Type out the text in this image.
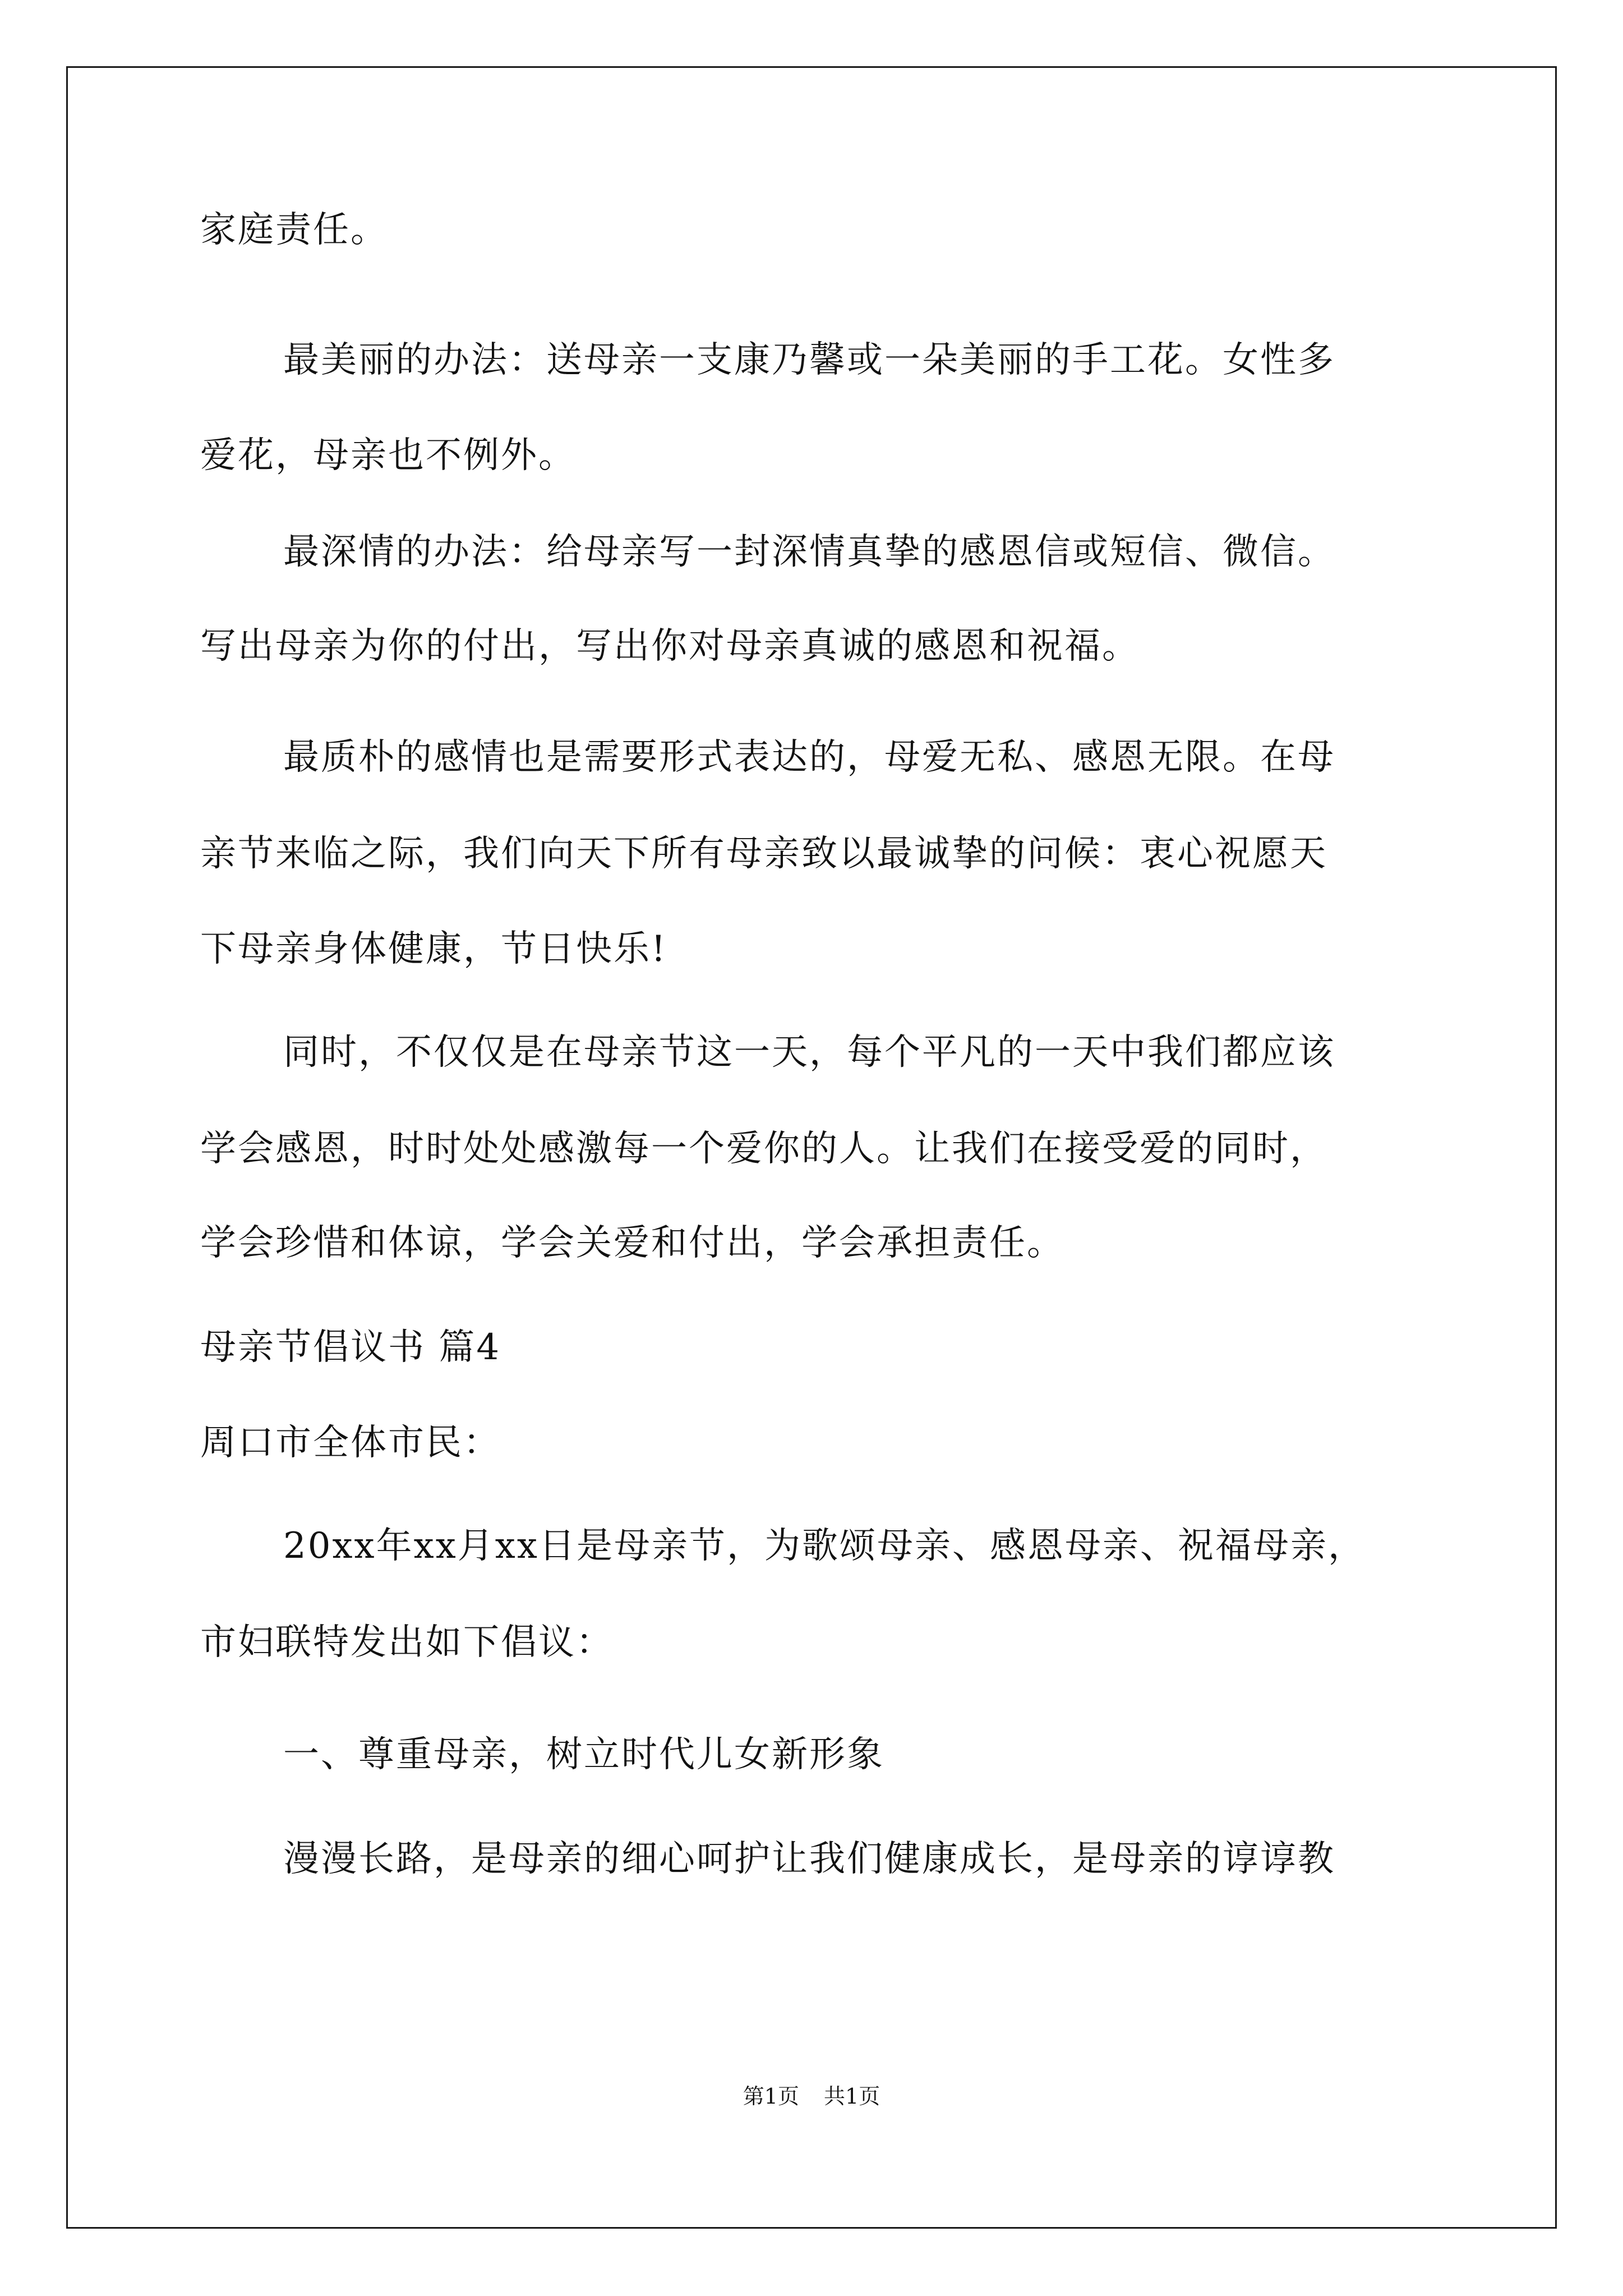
家庭责任。
最美丽的办法：送母亲一支康乃馨或一朵美丽的手工花。女性多
爱花，母亲也不例外。
最深情的办法：给母亲写一封深情真挚的感恩信或短信、微信。
写出母亲为你的付出，写出你对母亲真诚的感恩和祝福。
最质朴的感情也是需要形式表达的，母爱无私、感恩无限。在母
亲节来临之际，我们向天下所有母亲致以最诚挚的问候：衷心祝愿天
下母亲身体健康，节日快乐!
同时，不仅仅是在母亲节这一天，每个平凡的一天中我们都应该
学会感恩，时时处处感激每一个爱你的人。让我们在接受爱的同时，
学会珍惜和体谅，学会关爱和付出，学会承担责任。
母亲节倡议书 篇4
周口市全体市民：
20xx年xx月xx日是母亲节，为歌颂母亲、感恩母亲、祝福母亲，
市妇联特发出如下倡议：
一、尊重母亲，树立时代儿女新形象
漫漫长路，是母亲的细心呵护让我们健康成长，是母亲的谆谆教
第1页 共1页
